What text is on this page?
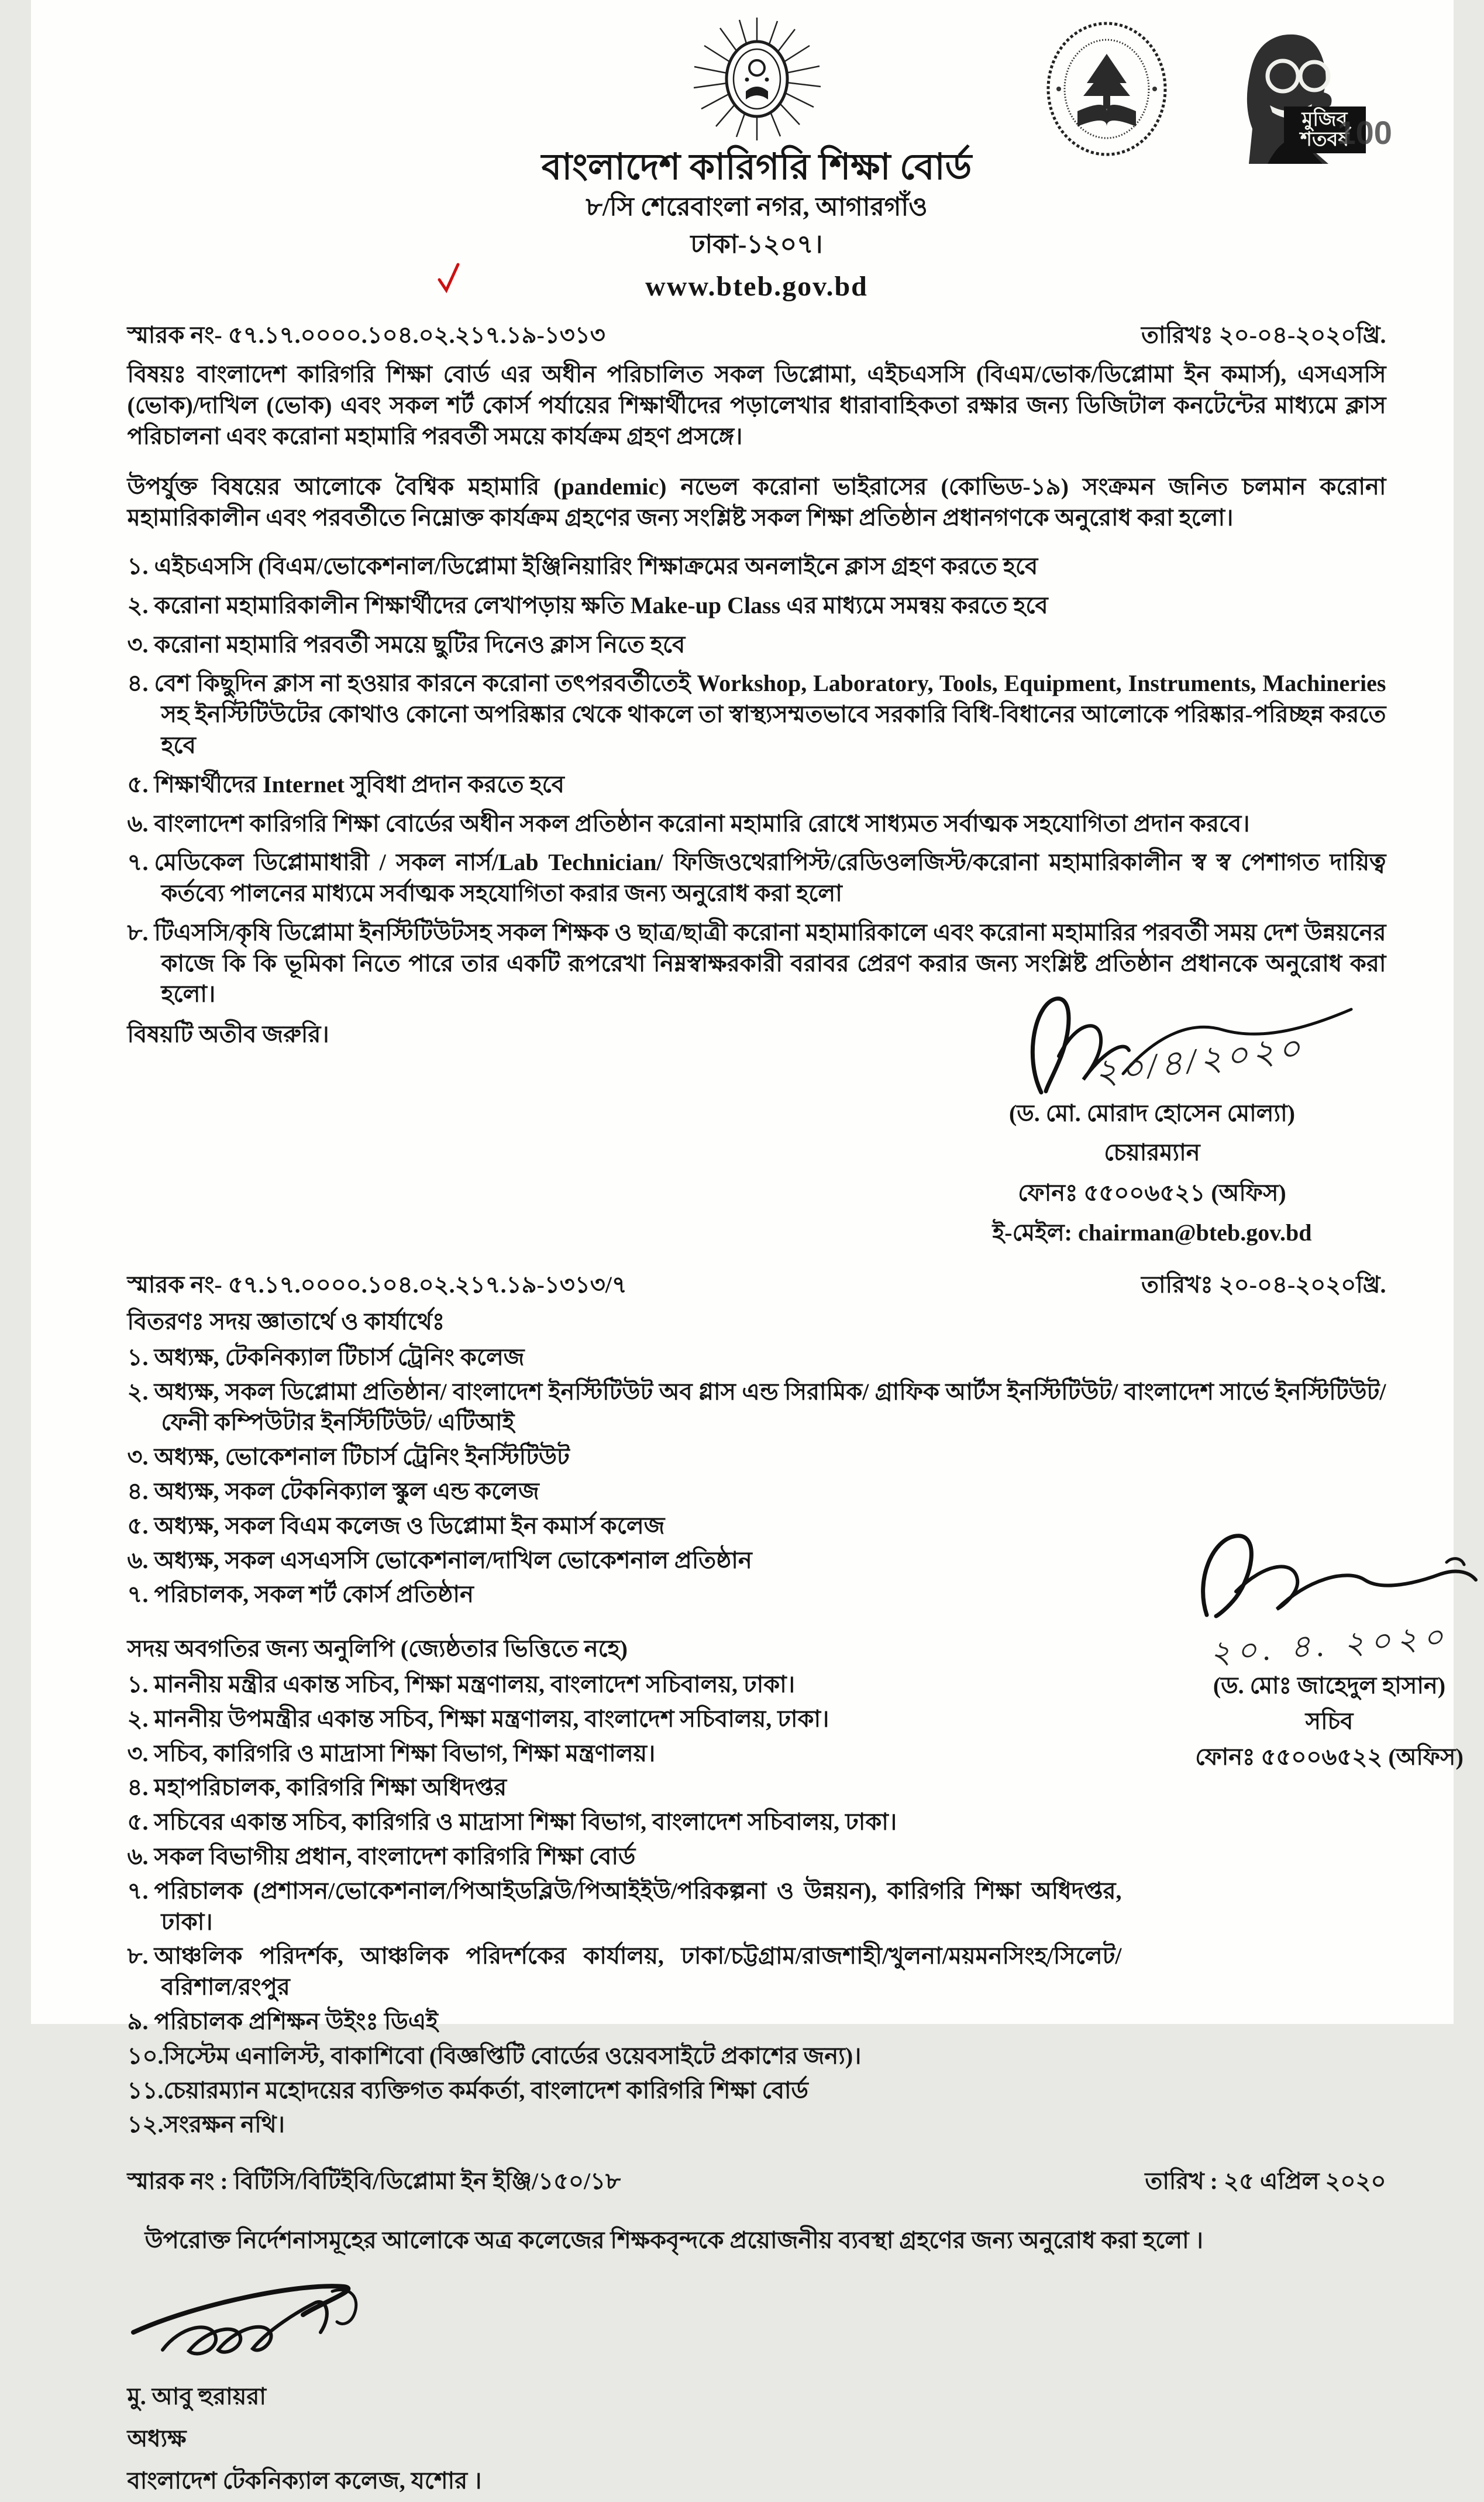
মুজিব শতবর্ষ
100
বাংলাদেশ কারিগরি শিক্ষা বোর্ড
৮/সি শেরেবাংলা নগর, আগারগাঁও
ঢাকা-১২০৭।
www.bteb.gov.bd
স্মারক নং- ৫৭.১৭.০০০০.১০৪.০২.২১৭.১৯-১৩১৩	তারিখঃ ২০-০৪-২০২০খ্রি.

বিষয়ঃ বাংলাদেশ কারিগরি শিক্ষা বোর্ড এর অধীন পরিচালিত সকল ডিপ্লোমা, এইচএসসি (বিএম/ভোক/ডিপ্লোমা ইন কমার্স), এসএসসি (ভোক)/দাখিল (ভোক) এবং সকল শর্ট কোর্স পর্যায়ের শিক্ষার্থীদের পড়ালেখার ধারাবাহিকতা রক্ষার জন্য ডিজিটাল কনটেন্টের মাধ্যমে ক্লাস পরিচালনা এবং করোনা মহামারি পরবর্তী সময়ে কার্যক্রম গ্রহণ প্রসঙ্গে।

উপর্যুক্ত বিষয়ের আলোকে বৈশ্বিক মহামারি (pandemic) নভেল করোনা ভাইরাসের (কোভিড-১৯) সংক্রমন জনিত চলমান করোনা মহামারিকালীন এবং পরবর্তীতে নিম্নোক্ত কার্যক্রম গ্রহণের জন্য সংশ্লিষ্ট সকল শিক্ষা প্রতিষ্ঠান প্রধানগণকে অনুরোধ করা হলো।

১. এইচএসসি (বিএম/ভোকেশনাল/ডিপ্লোমা ইঞ্জিনিয়ারিং শিক্ষাক্রমের অনলাইনে ক্লাস গ্রহণ করতে হবে
২. করোনা মহামারিকালীন শিক্ষার্থীদের লেখাপড়ায় ক্ষতি Make-up Class এর মাধ্যমে সমন্বয় করতে হবে
৩. করোনা মহামারি পরবর্তী সময়ে ছুটির দিনেও ক্লাস নিতে হবে
৪. বেশ কিছুদিন ক্লাস না হওয়ার কারনে করোনা তৎপরবর্তীতেই Workshop, Laboratory, Tools, Equipment, Instruments, Machineries সহ ইনস্টিটিউটের কোথাও কোনো অপরিষ্কার থেকে থাকলে তা স্বাস্থ্যসম্মতভাবে সরকারি বিধি-বিধানের আলোকে পরিষ্কার-পরিচ্ছন্ন করতে হবে
৫. শিক্ষার্থীদের Internet সুবিধা প্রদান করতে হবে
৬. বাংলাদেশ কারিগরি শিক্ষা বোর্ডের অধীন সকল প্রতিষ্ঠান করোনা মহামারি রোধে সাধ্যমত সর্বাত্মক সহযোগিতা প্রদান করবে।
৭. মেডিকেল ডিপ্লোমাধারী / সকল নার্স/Lab Technician/ ফিজিওথেরাপিস্ট/রেডিওলজিস্ট/করোনা মহামারিকালীন স্ব স্ব পেশাগত দায়িত্ব কর্তব্যে পালনের মাধ্যমে সর্বাত্মক সহযোগিতা করার জন্য অনুরোধ করা হলো
৮. টিএসসি/কৃষি ডিপ্লোমা ইনস্টিটিউটসহ সকল শিক্ষক ও ছাত্র/ছাত্রী করোনা মহামারিকালে এবং করোনা মহামারির পরবর্তী সময় দেশ উন্নয়নের কাজে কি কি ভূমিকা নিতে পারে তার একটি রূপরেখা নিম্নস্বাক্ষরকারী বরাবর প্রেরণ করার জন্য সংশ্লিষ্ট প্রতিষ্ঠান প্রধানকে অনুরোধ করা হলো।

বিষয়টি অতীব জরুরি।	২০/৪/২০২০
(ড. মো. মোরাদ হোসেন মোল্যা)
চেয়ারম্যান
ফোনঃ ৫৫০০৬৫২১ (অফিস)
ই-মেইল: chairman@bteb.gov.bd
স্মারক নং- ৫৭.১৭.০০০০.১০৪.০২.২১৭.১৯-১৩১৩/৭	তারিখঃ ২০-০৪-২০২০খ্রি.
বিতরণঃ সদয় জ্ঞাতার্থে ও কার্যার্থেঃ
১. অধ্যক্ষ, টেকনিক্যাল টিচার্স ট্রেনিং কলেজ
২. অধ্যক্ষ, সকল ডিপ্লোমা প্রতিষ্ঠান/ বাংলাদেশ ইনস্টিটিউট অব গ্লাস এন্ড সিরামিক/ গ্রাফিক আর্টস ইনস্টিটিউট/ বাংলাদেশ সার্ভে ইনস্টিটিউট/ ফেনী কম্পিউটার ইনস্টিটিউট/ এটিআই
৩. অধ্যক্ষ, ভোকেশনাল টিচার্স ট্রেনিং ইনস্টিটিউট
৪. অধ্যক্ষ, সকল টেকনিক্যাল স্কুল এন্ড কলেজ
৫. অধ্যক্ষ, সকল বিএম কলেজ ও ডিপ্লোমা ইন কমার্স কলেজ
৬. অধ্যক্ষ, সকল এসএসসি ভোকেশনাল/দাখিল ভোকেশনাল প্রতিষ্ঠান
৭. পরিচালক, সকল শর্ট কোর্স প্রতিষ্ঠান
সদয় অবগতির জন্য অনুলিপি (জ্যেষ্ঠতার ভিত্তিতে নহে)
১. মাননীয় মন্ত্রীর একান্ত সচিব, শিক্ষা মন্ত্রণালয়, বাংলাদেশ সচিবালয়, ঢাকা।
২. মাননীয় উপমন্ত্রীর একান্ত সচিব, শিক্ষা মন্ত্রণালয়, বাংলাদেশ সচিবালয়, ঢাকা।
৩. সচিব, কারিগরি ও মাদ্রাসা শিক্ষা বিভাগ, শিক্ষা মন্ত্রণালয়।
৪. মহাপরিচালক, কারিগরি শিক্ষা অধিদপ্তর
৫. সচিবের একান্ত সচিব, কারিগরি ও মাদ্রাসা শিক্ষা বিভাগ, বাংলাদেশ সচিবালয়, ঢাকা।
৬. সকল বিভাগীয় প্রধান, বাংলাদেশ কারিগরি শিক্ষা বোর্ড
৭. পরিচালক (প্রশাসন/ভোকেশনাল/পিআইডব্লিউ/পিআইইউ/পরিকল্পনা ও উন্নয়ন), কারিগরি শিক্ষা অধিদপ্তর, ঢাকা।
৮. আঞ্চলিক পরিদর্শক, আঞ্চলিক পরিদর্শকের কার্যালয়, ঢাকা/চট্টগ্রাম/রাজশাহী/খুলনা/ময়মনসিংহ/সিলেট/বরিশাল/রংপুর
৯. পরিচালক প্রশিক্ষন উইংঃ ডিএই
১০.সিস্টেম এনালিস্ট, বাকাশিবো (বিজ্ঞপ্তিটি বোর্ডের ওয়েবসাইটে প্রকাশের জন্য)।
১১.চেয়ারম্যান মহোদয়ের ব্যক্তিগত কর্মকর্তা, বাংলাদেশ কারিগরি শিক্ষা বোর্ড
১২.সংরক্ষন নথি।
স্মারক নং : বিটিসি/বিটিইবি/ডিপ্লোমা ইন ইঞ্জি/১৫০/১৮	তারিখ : ২৫ এপ্রিল ২০২০

উপরোক্ত নির্দেশনাসমূহের আলোকে অত্র কলেজের শিক্ষকবৃন্দকে প্রয়োজনীয় ব্যবস্থা গ্রহণের জন্য অনুরোধ করা হলো ।

মু. আবু হুরায়রা
অধ্যক্ষ
বাংলাদেশ টেকনিক্যাল কলেজ, যশোর ।
২০. ৪. ২০২০
(ড. মোঃ জাহেদুল হাসান)
সচিব
ফোনঃ ৫৫০০৬৫২২ (অফিস)
